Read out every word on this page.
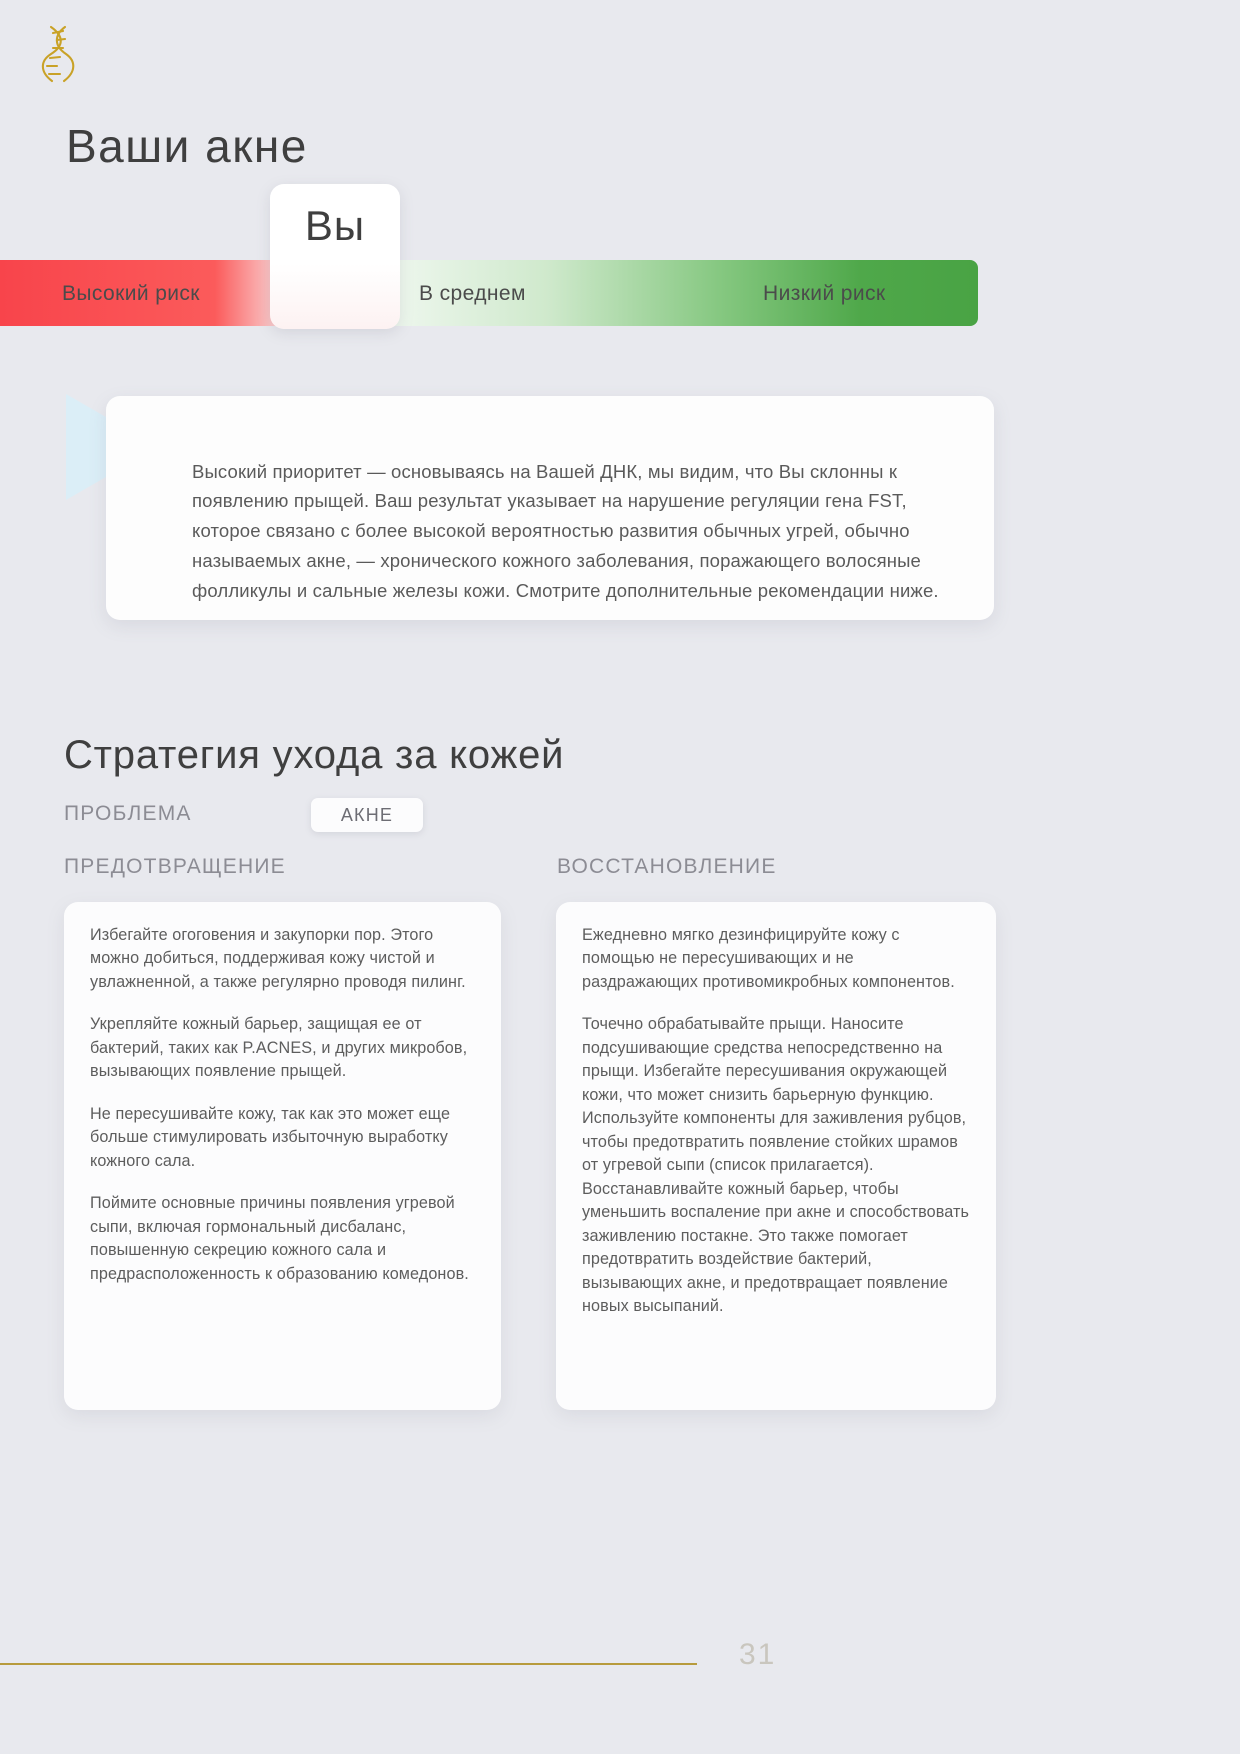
Ваши акне
Высокий риск	В среднем	Низкий риск
Вы

Высокий приоритет — основываясь на Вашей ДНК, мы видим, что Вы склонны к появлению прыщей. Ваш результат указывает на нарушение регуляции гена FST, которое связано с более высокой вероятностью развития обычных угрей, обычно называемых акне, — хронического кожного заболевания, поражающего волосяные фолликулы и сальные железы кожи. Смотрите дополнительные рекомендации ниже.

Стратегия ухода за кожей
ПРОБЛЕМА	АКНЕ
ПРЕДОТВРАЩЕНИЕ	ВОССТАНОВЛЕНИЕ

Избегайте огоговения и закупорки пор. Этого можно добиться, поддерживая кожу чистой и увлажненной, а также регулярно проводя пилинг.

Укрепляйте кожный барьер, защищая ее от бактерий, таких как P.ACNES, и других микробов, вызывающих появление прыщей.

Не пересушивайте кожу, так как это может еще больше стимулировать избыточную выработку кожного сала.

Поймите основные причины появления угревой сыпи, включая гормональный дисбаланс, повышенную секрецию кожного сала и предрасположенность к образованию комедонов.

Ежедневно мягко дезинфицируйте кожу с помощью не пересушивающих и не раздражающих противомикробных компонентов.

Точечно обрабатывайте прыщи. Наносите подсушивающие средства непосредственно на прыщи. Избегайте пересушивания окружающей кожи, что может снизить барьерную функцию. Используйте компоненты для заживления рубцов, чтобы предотвратить появление стойких шрамов от угревой сыпи (список прилагается). Восстанавливайте кожный барьер, чтобы уменьшить воспаление при акне и способствовать заживлению постакне. Это также помогает предотвратить воздействие бактерий, вызывающих акне, и предотвращает появление новых высыпаний.

31
